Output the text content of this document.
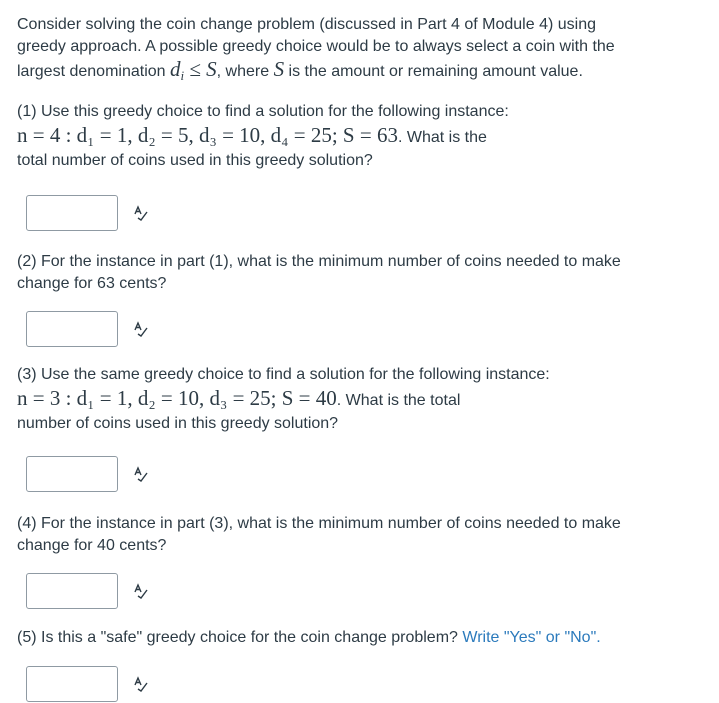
Consider solving the coin change problem (discussed in Part 4 of Module 4) using

greedy approach. A possible greedy choice would be to always select a coin with the

largest denomination $d_i \le S$, where S is the amount or remaining amount value.

(1) Use this greedy choice to find a solution for the following instance:

n = 4 : d₁ = 1, d₂ = 5, d₃ = 10, d₄ = 25; S = 63. What is the

total number of coins used in this greedy solution?

(2) For the instance in part (1), what is the minimum number of coins needed to make

change for 63 cents?

(3) Use the same greedy choice to find a solution for the following instance:

n = 3 : d₁ = 1, d₂ = 10, d₃ = 25; S = 40. What is the total

number of coins used in this greedy solution?

(4) For the instance in part (3), what is the minimum number of coins needed to make

change for 40 cents?

(5) Is this a "safe" greedy choice for the coin change problem? Write "Yes" or "No".
